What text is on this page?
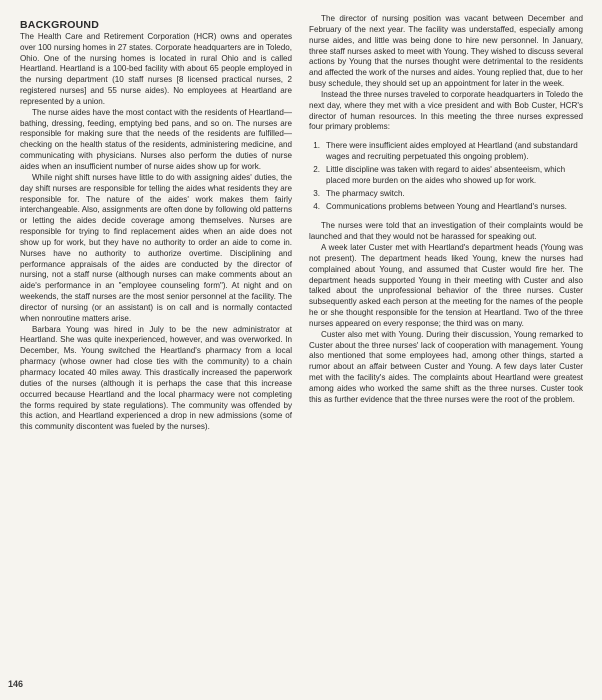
BACKGROUND

The Health Care and Retirement Corporation (HCR) owns and operates over 100 nursing homes in 27 states. Corporate headquarters are in Toledo, Ohio. One of the nursing homes is located in rural Ohio and is called Heartland. Heartland is a 100-bed facility with about 65 people employed in the nursing department (10 staff nurses [8 licensed practical nurses, 2 registered nurses] and 55 nurse aides). No employees at Heartland are represented by a union.

The nurse aides have the most contact with the residents of Heartland—bathing, dressing, feeding, emptying bed pans, and so on. The nurses are responsible for making sure that the needs of the residents are fulfilled—checking on the health status of the residents, administering medicine, and communicating with physicians. Nurses also perform the duties of nurse aides when an insufficient number of nurse aides show up for work.

While night shift nurses have little to do with assigning aides' duties, the day shift nurses are responsible for telling the aides what residents they are responsible for. The nature of the aides' work makes them fairly interchangeable. Also, assignments are often done by following old patterns or letting the aides decide coverage among themselves. Nurses are responsible for trying to find replacement aides when an aide does not show up for work, but they have no authority to order an aide to come in. Nurses have no authority to authorize overtime. Disciplining and performance appraisals of the aides are conducted by the director of nursing, not a staff nurse (although nurses can make comments about an aide's performance in an "employee counseling form"). At night and on weekends, the staff nurses are the most senior personnel at the facility. The director of nursing (or an assistant) is on call and is normally contacted when nonroutine matters arise.

Barbara Young was hired in July to be the new administrator at Heartland. She was quite inexperienced, however, and was overworked. In December, Ms. Young switched the Heartland's pharmacy from a local pharmacy (whose owner had close ties with the community) to a chain pharmacy located 40 miles away. This drastically increased the paperwork duties of the nurses (although it is perhaps the case that this increase occurred because Heartland and the local pharmacy were not completing the forms required by state regulations). The community was offended by this action, and Heartland experienced a drop in new admissions (some of this community discontent was fueled by the nurses).

The director of nursing position was vacant between December and February of the next year. The facility was understaffed, especially among nurse aides, and little was being done to hire new personnel. In January, three staff nurses asked to meet with Young. They wished to discuss several actions by Young that the nurses thought were detrimental to the residents and affected the work of the nurses and aides. Young replied that, due to her busy schedule, they should set up an appointment for later in the week.

Instead the three nurses traveled to corporate headquarters in Toledo the next day, where they met with a vice president and with Bob Custer, HCR's director of human resources. In this meeting the three nurses expressed four primary problems:

1. There were insufficient aides employed at Heartland (and substandard wages and recruiting perpetuated this ongoing problem).
2. Little discipline was taken with regard to aides' absenteeism, which placed more burden on the aides who showed up for work.
3. The pharmacy switch.
4. Communications problems between Young and Heartland's nurses.

The nurses were told that an investigation of their complaints would be launched and that they would not be harassed for speaking out.

A week later Custer met with Heartland's department heads (Young was not present). The department heads liked Young, knew the nurses had complained about Young, and assumed that Custer would fire her. The department heads supported Young in their meeting with Custer and also talked about the unprofessional behavior of the three nurses. Custer subsequently asked each person at the meeting for the names of the people he or she thought responsible for the tension at Heartland. Two of the three nurses appeared on every response; the third was on many.

Custer also met with Young. During their discussion, Young remarked to Custer about the three nurses' lack of cooperation with management. Young also mentioned that some employees had, among other things, started a rumor about an affair between Custer and Young. A few days later Custer met with the facility's aides. The complaints about Heartland were greatest among aides who worked the same shift as the three nurses. Custer took this as further evidence that the three nurses were the root of the problem.

146
